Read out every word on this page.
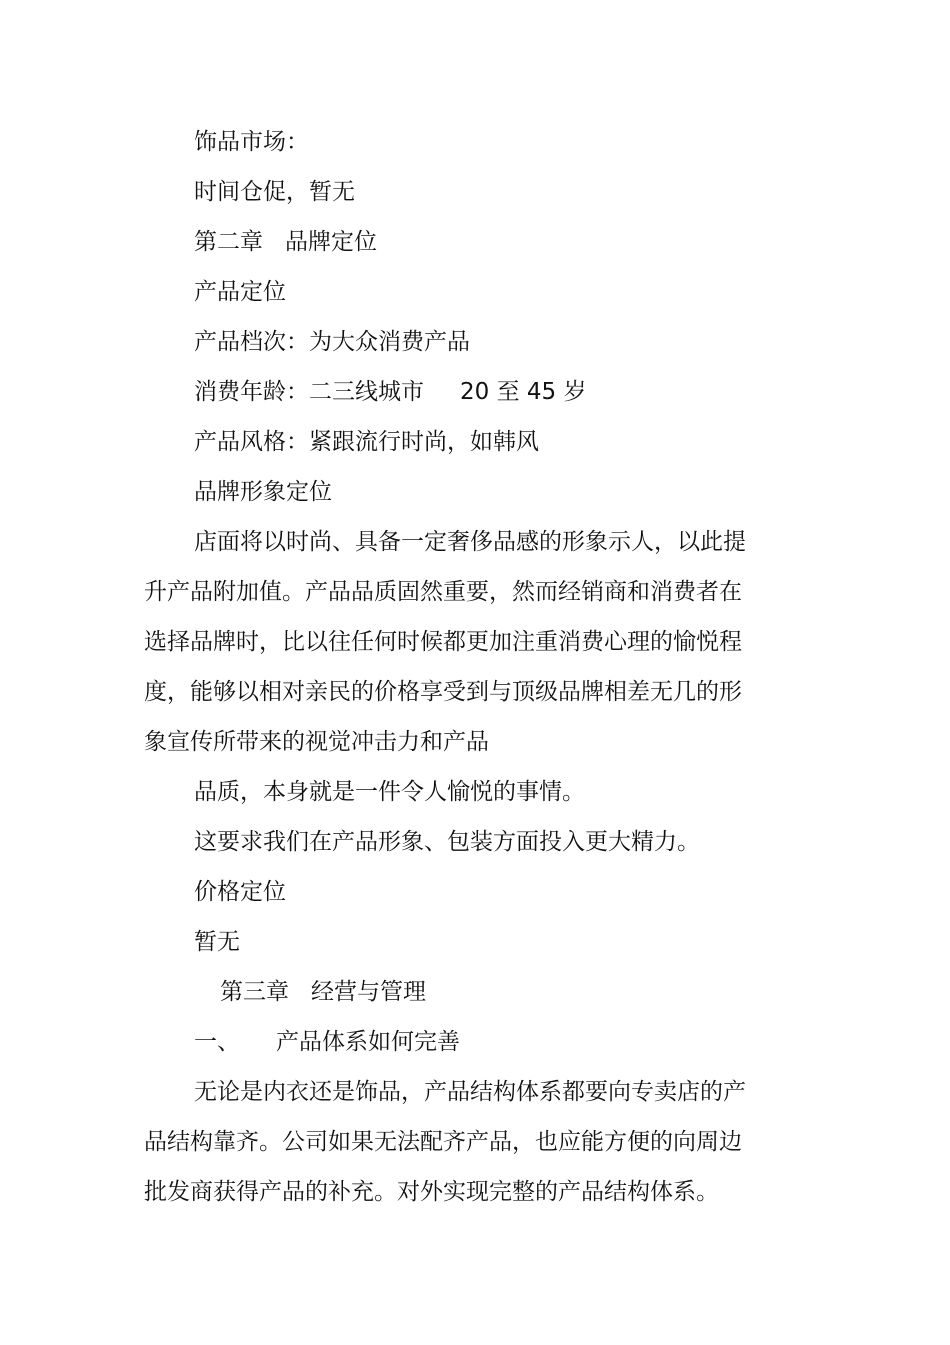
饰品市场：
时间仓促，暂无
第二章 品牌定位
产品定位
产品档次：为大众消费产品
消费年龄：二三线城市 20 至 45 岁
产品风格：紧跟流行时尚，如韩风
品牌形象定位
店面将以时尚、具备一定奢侈品感的形象示人，以此提
升产品附加值。产品品质固然重要，然而经销商和消费者在
选择品牌时，比以往任何时候都更加注重消费心理的愉悦程
度，能够以相对亲民的价格享受到与顶级品牌相差无几的形
象宣传所带来的视觉冲击力和产品
品质，本身就是一件令人愉悦的事情。
这要求我们在产品形象、包装方面投入更大精力。
价格定位
暂无
第三章 经营与管理
一、 产品体系如何完善
无论是内衣还是饰品，产品结构体系都要向专卖店的产
品结构靠齐。公司如果无法配齐产品，也应能方便的向周边
批发商获得产品的补充。对外实现完整的产品结构体系。
